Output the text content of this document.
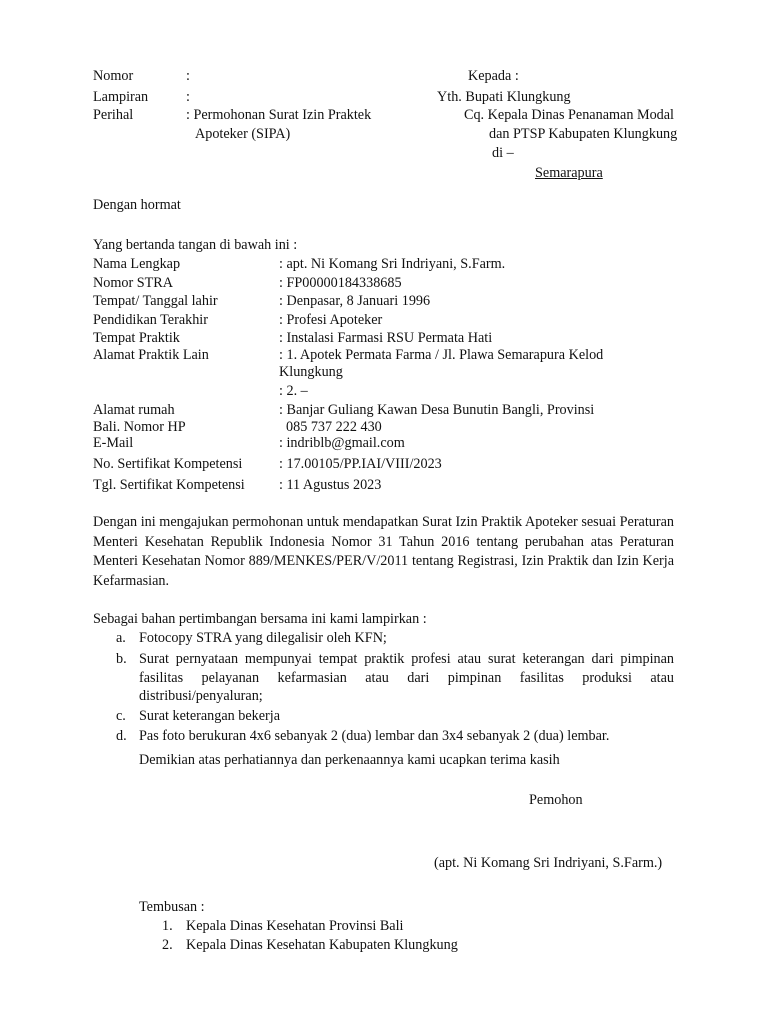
Nomor	:
Lampiran	:
Perihal	: Permohonan Surat Izin Praktek
Apoteker (SIPA)
Kepada :
Yth. Bupati Klungkung
Cq. Kepala Dinas Penanaman Modal
dan PTSP Kabupaten Klungkung
di –
Semarapura
Dengan hormat
Yang bertanda tangan di bawah ini :
Nama Lengkap	: apt. Ni Komang Sri Indriyani, S.Farm.
Nomor STRA	: FP00000184338685
Tempat/ Tanggal lahir	: Denpasar, 8 Januari 1996
Pendidikan Terakhir	: Profesi Apoteker
Tempat Praktik	: Instalasi Farmasi RSU Permata Hati
Alamat Praktik Lain	: 1. Apotek Permata Farma / Jl. Plawa Semarapura Kelod
Klungkung
: 2. –
Alamat rumah	: Banjar Guliang Kawan Desa Bunutin Bangli, Provinsi
Bali. Nomor HP	085 737 222 430
E-Mail	: indriblb@gmail.com
No. Sertifikat Kompetensi	: 17.00105/PP.IAI/VIII/2023
Tgl. Sertifikat Kompetensi : 11 Agustus 2023
Dengan ini mengajukan permohonan untuk mendapatkan Surat Izin Praktik Apoteker sesuai Peraturan Menteri Kesehatan Republik Indonesia Nomor 31 Tahun 2016 tentang perubahan atas Peraturan Menteri Kesehatan Nomor 889/MENKES/PER/V/2011 tentang Registrasi, Izin Praktik dan Izin Kerja Kefarmasian.
Sebagai bahan pertimbangan bersama ini kami lampirkan :
a. Fotocopy STRA yang dilegalisir oleh KFN;
b. Surat pernyataan mempunyai tempat praktik profesi atau surat keterangan dari pimpinan fasilitas pelayanan kefarmasian atau dari pimpinan fasilitas produksi atau distribusi/penyaluran;
c. Surat keterangan bekerja
d. Pas foto berukuran 4x6 sebanyak 2 (dua) lembar dan 3x4 sebanyak 2 (dua) lembar.
Demikian atas perhatiannya dan perkenaannya kami ucapkan terima kasih
Pemohon
(apt. Ni Komang Sri Indriyani, S.Farm.)
Tembusan :
1. Kepala Dinas Kesehatan Provinsi Bali
2. Kepala Dinas Kesehatan Kabupaten Klungkung
